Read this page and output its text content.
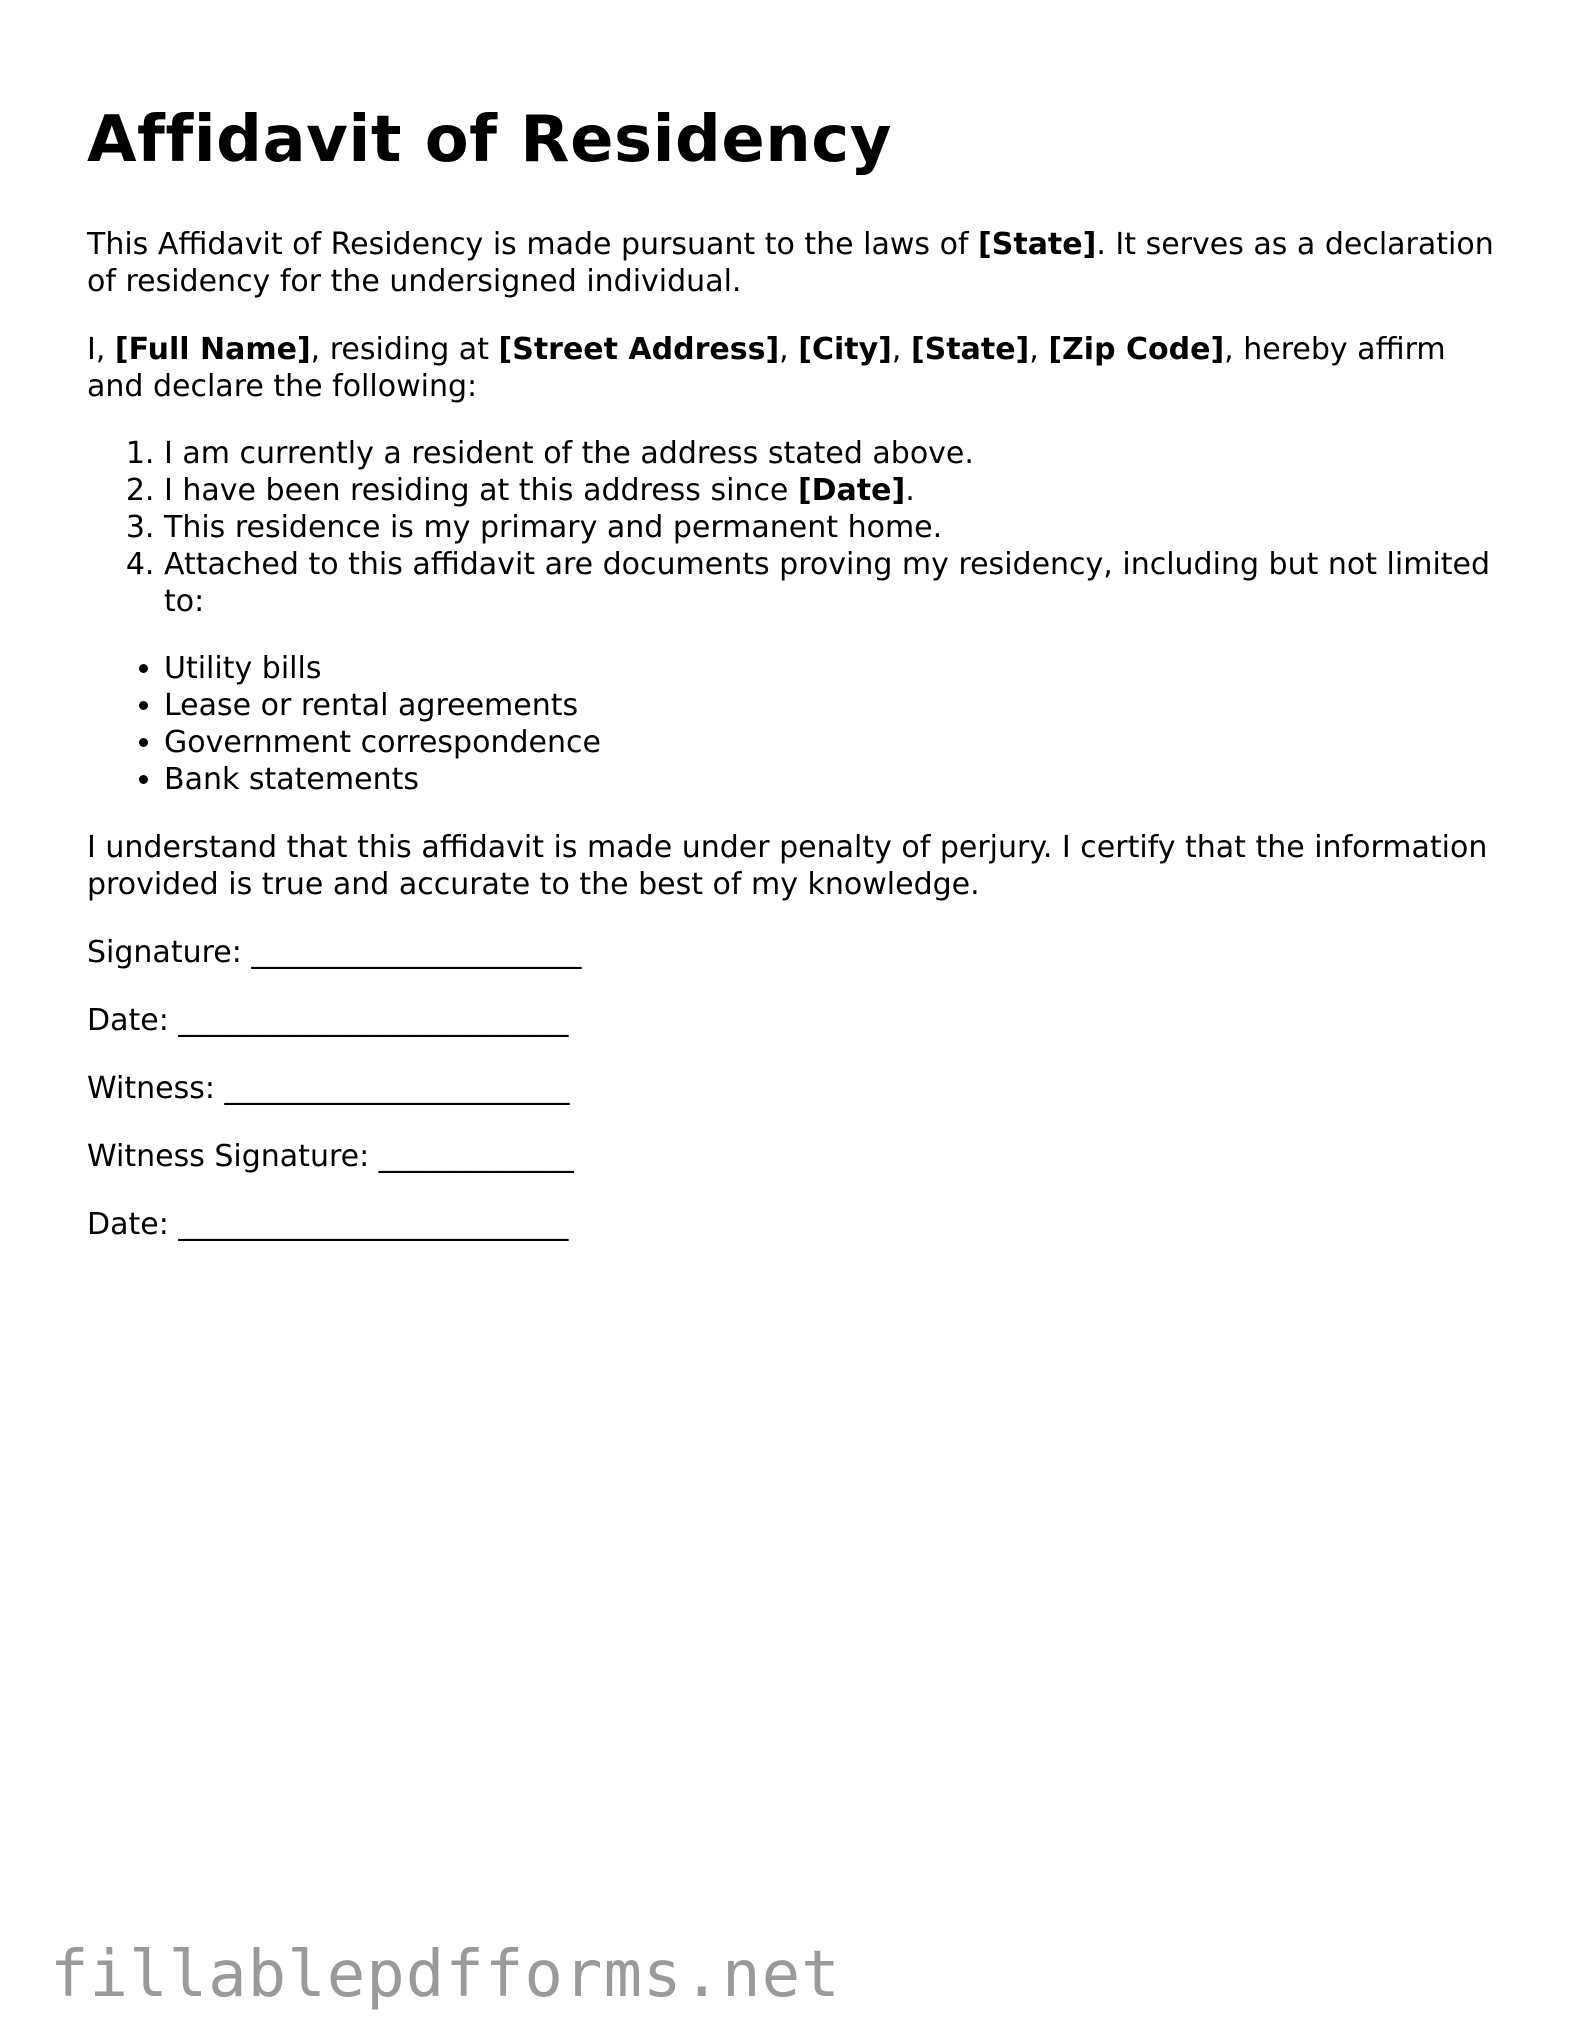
Affidavit of Residency

This Affidavit of Residency is made pursuant to the laws of [State]. It serves as a declaration of residency for the undersigned individual.

I, [Full Name], residing at [Street Address], [City], [State], [Zip Code], hereby affirm and declare the following:

1. I am currently a resident of the address stated above.
2. I have been residing at this address since [Date].
3. This residence is my primary and permanent home.
4. Attached to this affidavit are documents proving my residency, including but not limited to:
• Utility bills
• Lease or rental agreements
• Government correspondence
• Bank statements

I understand that this affidavit is made under penalty of perjury. I certify that the information provided is true and accurate to the best of my knowledge.

Signature: ______________________
Date: __________________________
Witness: _______________________
Witness Signature: _____________
Date: __________________________
fillablepdfforms.net
